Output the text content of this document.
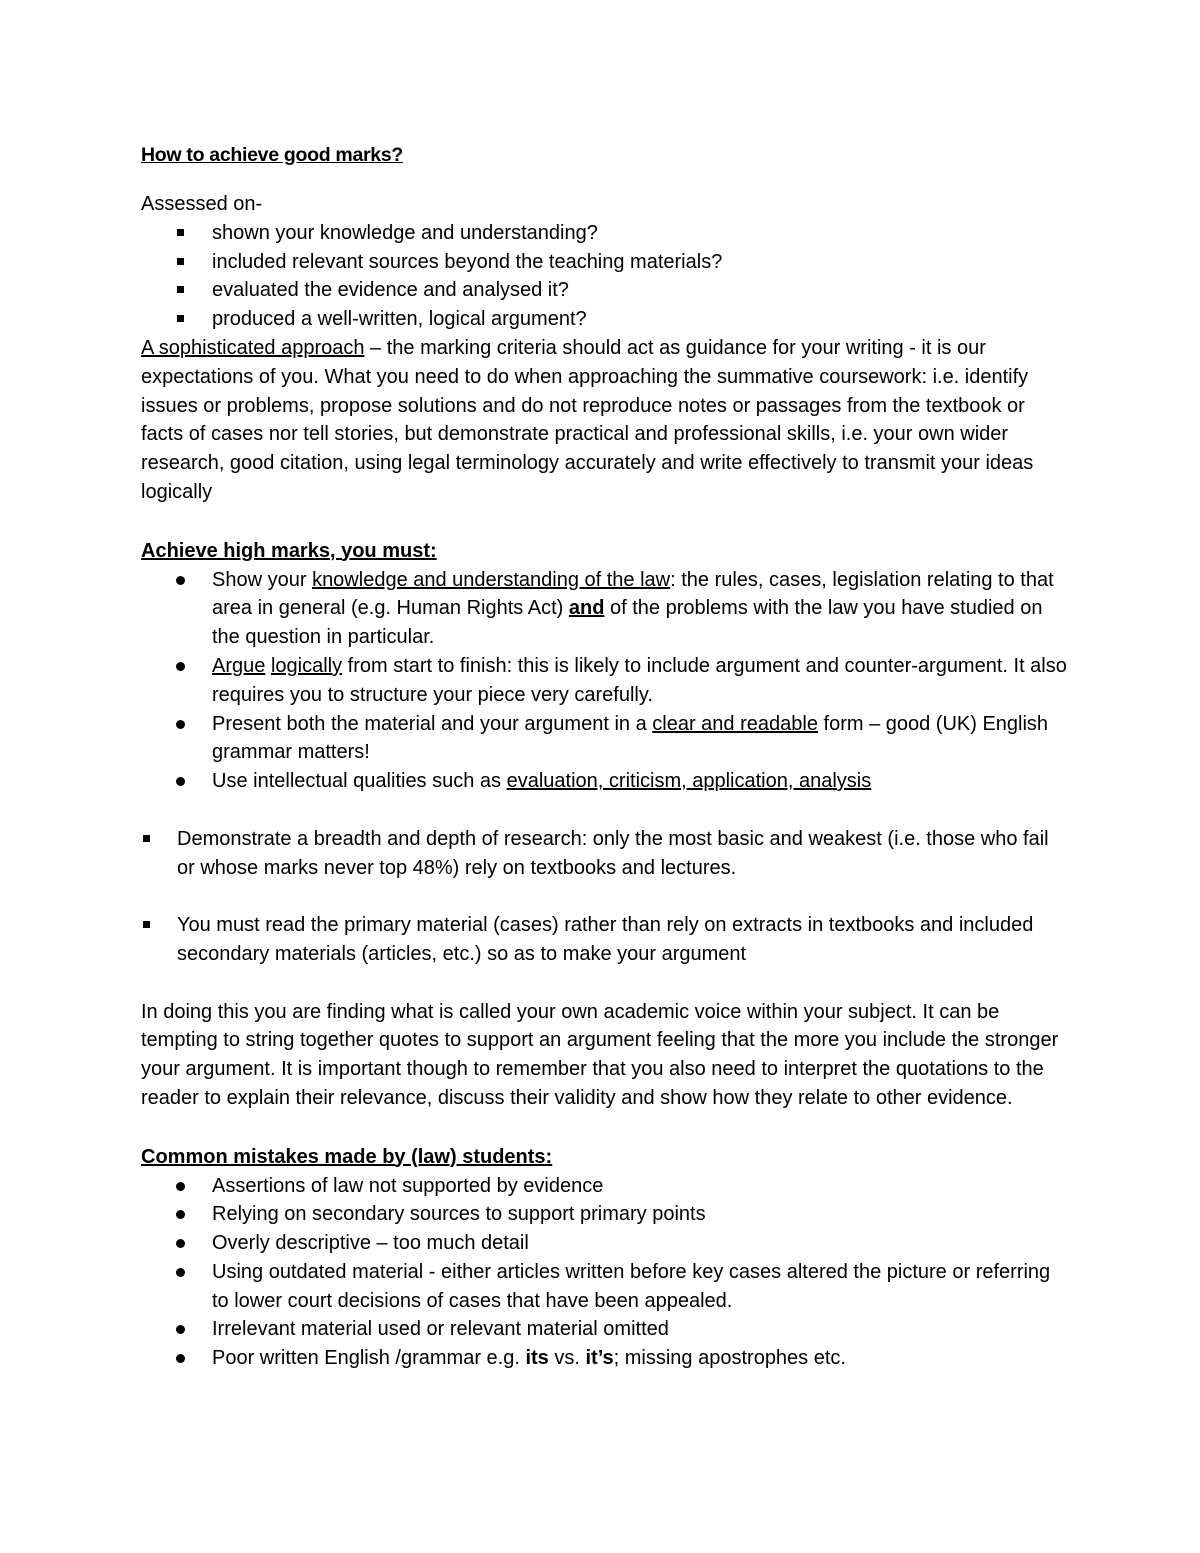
How to achieve good marks?

Assessed on-

shown your knowledge and understanding?
included relevant sources beyond the teaching materials?
evaluated the evidence and analysed it?
produced a well-written, logical argument?

A sophisticated approach – the marking criteria should act as guidance for your writing - it is our expectations of you. What you need to do when approaching the summative coursework: i.e. identify issues or problems, propose solutions and do not reproduce notes or passages from the textbook or facts of cases nor tell stories, but demonstrate practical and professional skills, i.e. your own wider research, good citation, using legal terminology accurately and write effectively to transmit your ideas logically

Achieve high marks, you must:

Show your knowledge and understanding of the law: the rules, cases, legislation relating to that area in general (e.g. Human Rights Act) and of the problems with the law you have studied on the question in particular.
Argue logically from start to finish: this is likely to include argument and counter-argument. It also requires you to structure your piece very carefully.
Present both the material and your argument in a clear and readable form – good (UK) English grammar matters!
Use intellectual qualities such as evaluation, criticism, application, analysis
Demonstrate a breadth and depth of research: only the most basic and weakest (i.e. those who fail or whose marks never top 48%) rely on textbooks and lectures.
You must read the primary material (cases) rather than rely on extracts in textbooks and included secondary materials (articles, etc.) so as to make your argument

In doing this you are finding what is called your own academic voice within your subject. It can be tempting to string together quotes to support an argument feeling that the more you include the stronger your argument. It is important though to remember that you also need to interpret the quotations to the reader to explain their relevance, discuss their validity and show how they relate to other evidence.

Common mistakes made by (law) students:

Assertions of law not supported by evidence
Relying on secondary sources to support primary points
Overly descriptive – too much detail
Using outdated material - either articles written before key cases altered the picture or referring to lower court decisions of cases that have been appealed.
Irrelevant material used or relevant material omitted
Poor written English /grammar e.g. its vs. it’s; missing apostrophes etc.
